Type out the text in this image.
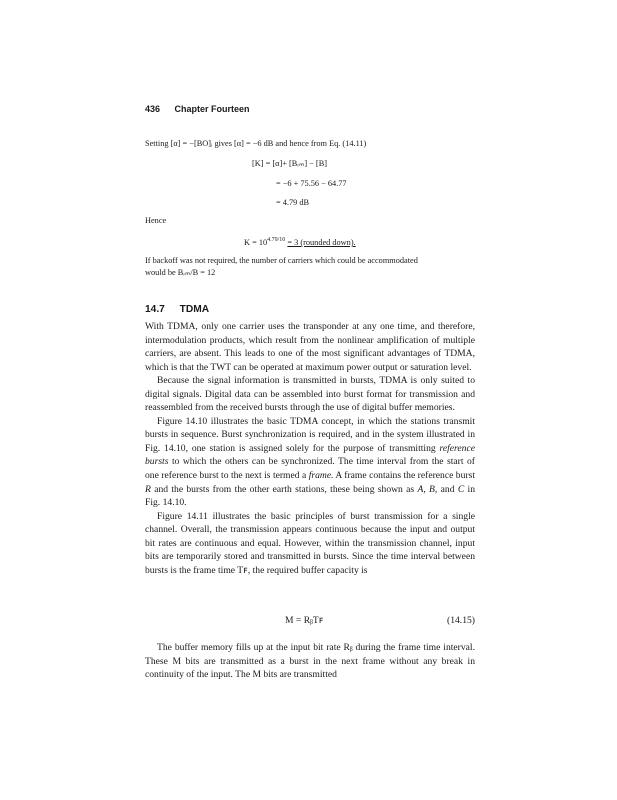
436 Chapter Fourteen
Setting [α] = −[BO]ᵢ gives [α] = −6 dB and hence from Eq. (14.11)
[K] = [α]+ [Bᵣₘ] − [B]
= −6 + 75.56 − 64.77
= 4.79 dB
Hence
$K = 10^{4.79/10} = 3$ (rounded down).
If backoff was not required, the number of carriers which could be accommodated
would be Bᵣₘ/B = 12
14.7 TDMA

With TDMA, only one carrier uses the transponder at any one time, and therefore, intermodulation products, which result from the nonlinear amplification of multiple carriers, are absent. This leads to one of the most significant advantages of TDMA, which is that the TWT can be operated at maximum power output or saturation level.

Because the signal information is transmitted in bursts, TDMA is only suited to digital signals. Digital data can be assembled into burst format for transmission and reassembled from the received bursts through the use of digital buffer memories.

Figure 14.10 illustrates the basic TDMA concept, in which the stations transmit bursts in sequence. Burst synchronization is required, and in the system illustrated in Fig. 14.10, one station is assigned solely for the purpose of transmitting reference bursts to which the others can be synchronized. The time interval from the start of one reference burst to the next is termed a frame. A frame contains the reference burst R and the bursts from the other earth stations, these being shown as A, B, and C in Fig. 14.10.

Figure 14.11 illustrates the basic principles of burst transmission for a single channel. Overall, the transmission appears continuous because the input and output bit rates are continuous and equal. However, within the transmission channel, input bits are temporarily stored and transmitted in bursts. Since the time interval between bursts is the frame time Tꜰ, the required buffer capacity is

M = RᵦTꜰ	(14.15)

The buffer memory fills up at the input bit rate Rᵦ during the frame time interval. These M bits are transmitted as a burst in the next frame without any break in continuity of the input. The M bits are transmitted
